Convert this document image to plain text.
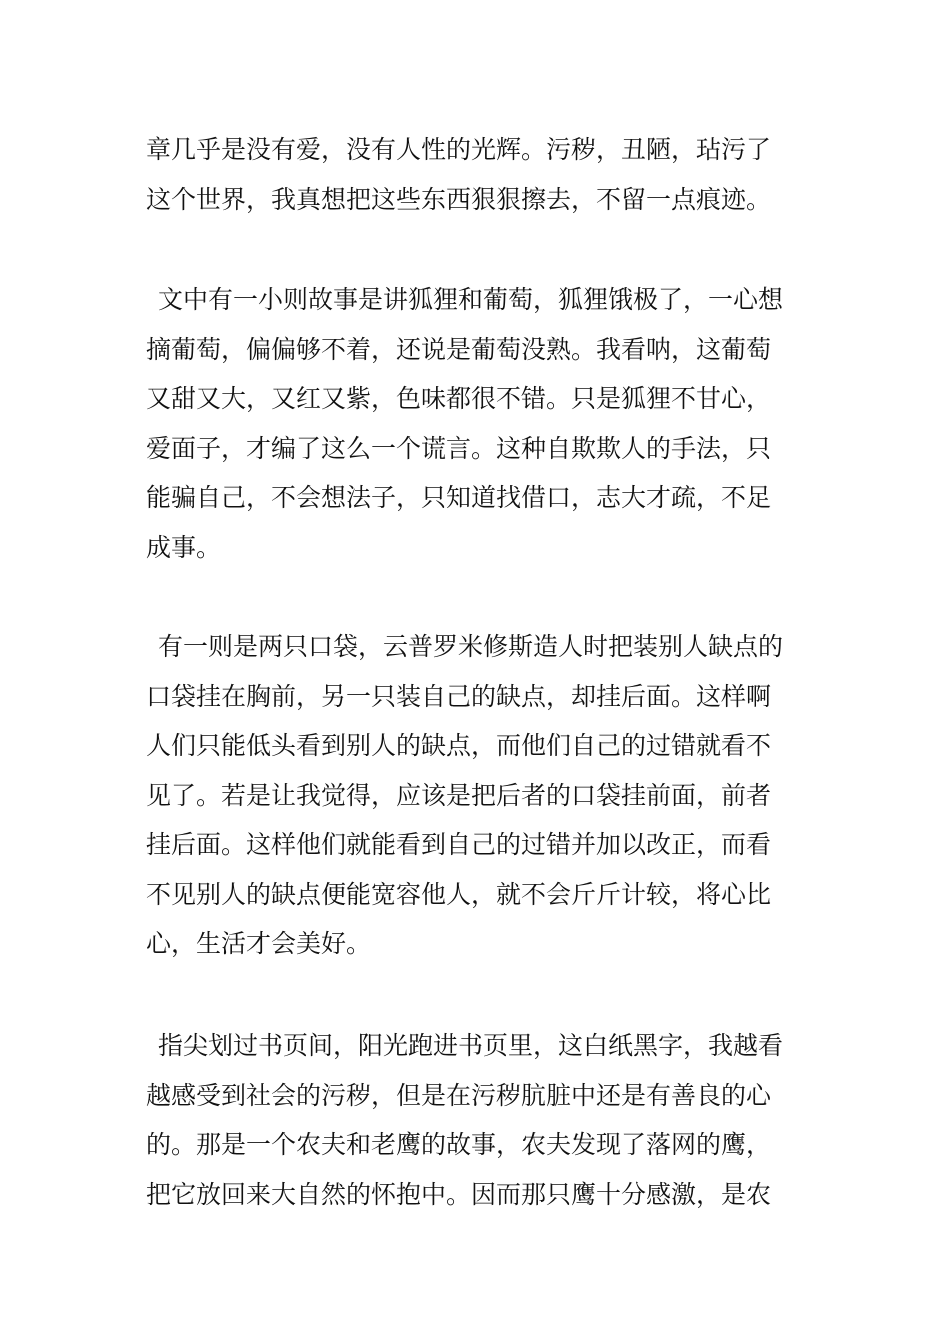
章几乎是没有爱，没有人性的光辉。污秽，丑陋，玷污了
这个世界，我真想把这些东西狠狠擦去，不留一点痕迹。
文中有一小则故事是讲狐狸和葡萄，狐狸饿极了，一心想
摘葡萄，偏偏够不着，还说是葡萄没熟。我看呐，这葡萄
又甜又大，又红又紫，色味都很不错。只是狐狸不甘心，
爱面子，才编了这么一个谎言。这种自欺欺人的手法，只
能骗自己，不会想法子，只知道找借口，志大才疏，不足
成事。
有一则是两只口袋，云普罗米修斯造人时把装别人缺点的
口袋挂在胸前，另一只装自己的缺点，却挂后面。这样啊
人们只能低头看到别人的缺点，而他们自己的过错就看不
见了。若是让我觉得，应该是把后者的口袋挂前面，前者
挂后面。这样他们就能看到自己的过错并加以改正，而看
不见别人的缺点便能宽容他人，就不会斤斤计较，将心比
心，生活才会美好。
指尖划过书页间，阳光跑进书页里，这白纸黑字，我越看
越感受到社会的污秽，但是在污秽肮脏中还是有善良的心
的。那是一个农夫和老鹰的故事，农夫发现了落网的鹰，
把它放回来大自然的怀抱中。因而那只鹰十分感激，是农
